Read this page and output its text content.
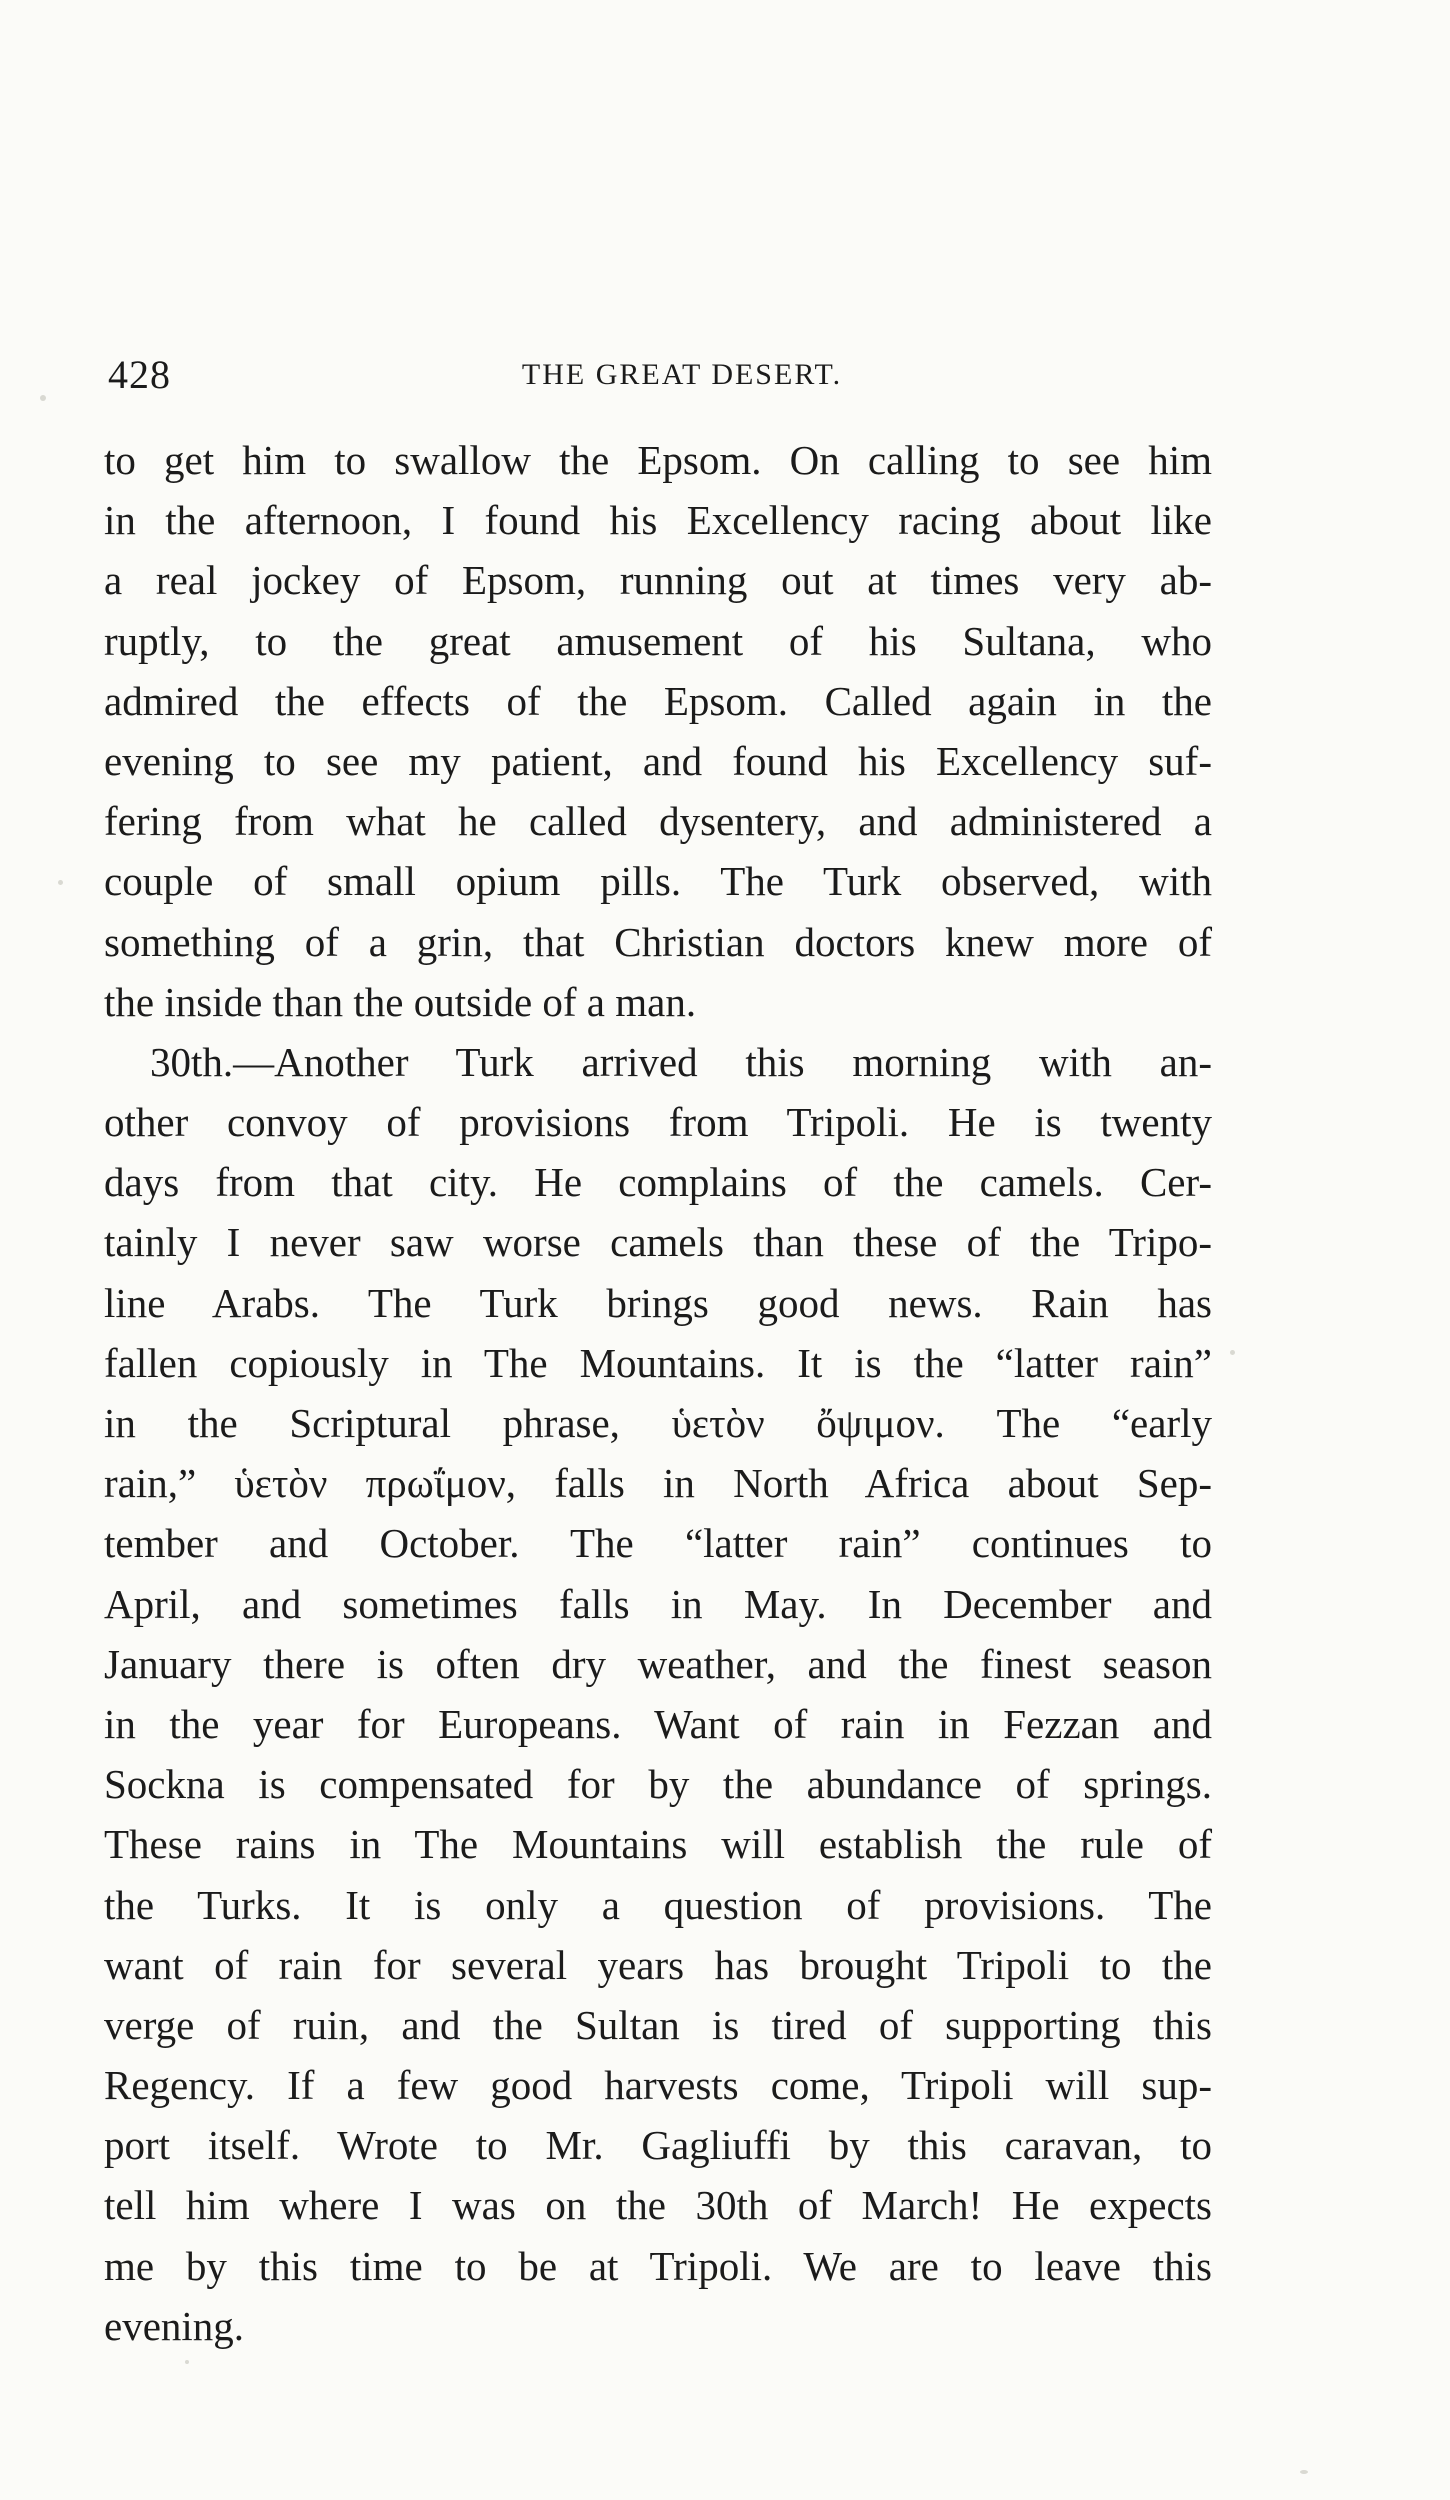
428	THE GREAT DESERT.
to get him to swallow the Epsom. On calling to see him
in the afternoon, I found his Excellency racing about like
a real jockey of Epsom, running out at times very ab-
ruptly, to the great amusement of his Sultana, who
admired the effects of the Epsom. Called again in the
evening to see my patient, and found his Excellency suf-
fering from what he called dysentery, and administered a
couple of small opium pills. The Turk observed, with
something of a grin, that Christian doctors knew more of
the inside than the outside of a man.
30th.—Another Turk arrived this morning with an-
other convoy of provisions from Tripoli. He is twenty
days from that city. He complains of the camels. Cer-
tainly I never saw worse camels than these of the Tripo-
line Arabs. The Turk brings good news. Rain has
fallen copiously in The Mountains. It is the “latter rain”
in the Scriptural phrase, ὑετὸν ὄψιμον. The “early
rain,” ὑετὸν πρωΐμον, falls in North Africa about Sep-
tember and October. The “latter rain” continues to
April, and sometimes falls in May. In December and
January there is often dry weather, and the finest season
in the year for Europeans. Want of rain in Fezzan and
Sockna is compensated for by the abundance of springs.
These rains in The Mountains will establish the rule of
the Turks. It is only a question of provisions. The
want of rain for several years has brought Tripoli to the
verge of ruin, and the Sultan is tired of supporting this
Regency. If a few good harvests come, Tripoli will sup-
port itself. Wrote to Mr. Gagliuffi by this caravan, to
tell him where I was on the 30th of March! He expects
me by this time to be at Tripoli. We are to leave this
evening.
